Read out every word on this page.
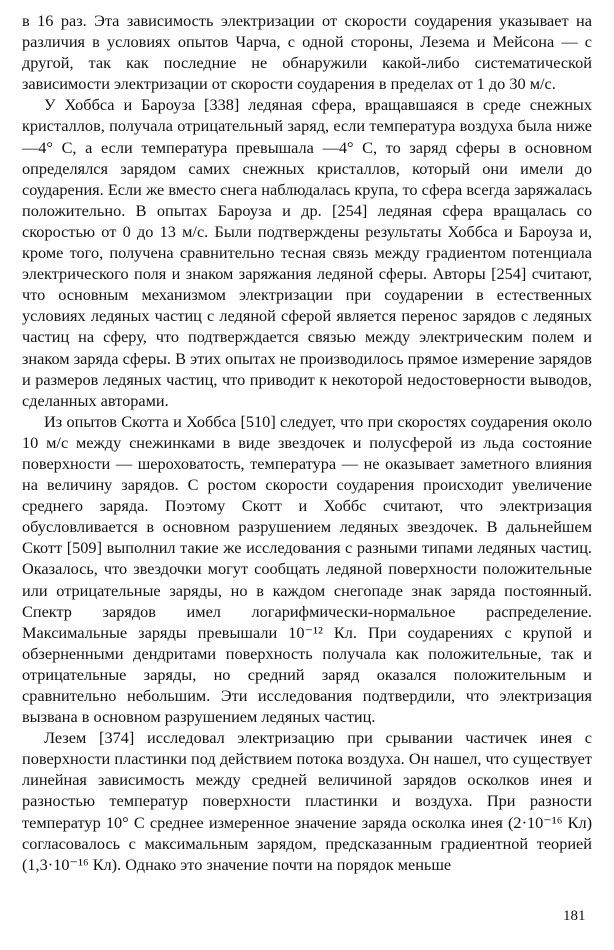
в 16 раз. Эта зависимость электризации от скорости соударения указывает на различия в условиях опытов Чарча, с одной стороны, Лезема и Мейсона — с другой, так как последние не обнаружили какой-либо систематической зависимости электризации от скорости соударения в пределах от 1 до 30 м/с.

У Хоббса и Бароуза [338] ледяная сфера, вращавшаяся в среде снежных кристаллов, получала отрицательный заряд, если температура воздуха была ниже —4° С, а если температура превышала —4° С, то заряд сферы в основном определялся зарядом самих снежных кристаллов, который они имели до соударения. Если же вместо снега наблюдалась крупа, то сфера всегда заряжалась положительно. В опытах Бароуза и др. [254] ледяная сфера вращалась со скоростью от 0 до 13 м/с. Были подтверждены результаты Хоббса и Бароуза и, кроме того, получена сравнительно тесная связь между градиентом потенциала электрического поля и знаком заряжания ледяной сферы. Авторы [254] считают, что основным механизмом электризации при соударении в естественных условиях ледяных частиц с ледяной сферой является перенос зарядов с ледяных частиц на сферу, что подтверждается связью между электрическим полем и знаком заряда сферы. В этих опытах не производилось прямое измерение зарядов и размеров ледяных частиц, что приводит к некоторой недостоверности выводов, сделанных авторами.

Из опытов Скотта и Хоббса [510] следует, что при скоростях соударения около 10 м/с между снежинками в виде звездочек и полусферой из льда состояние поверхности — шероховатость, температура — не оказывает заметного влияния на величину зарядов. С ростом скорости соударения происходит увеличение среднего заряда. Поэтому Скотт и Хоббс считают, что электризация обусловливается в основном разрушением ледяных звездочек. В дальнейшем Скотт [509] выполнил такие же исследования с разными типами ледяных частиц. Оказалось, что звездочки могут сообщать ледяной поверхности положительные или отрицательные заряды, но в каждом снегопаде знак заряда постоянный. Спектр зарядов имел логарифмически-нормальное распределение. Максимальные заряды превышали 10⁻¹² Кл. При соударениях с крупой и обзерненными дендритами поверхность получала как положительные, так и отрицательные заряды, но средний заряд оказался положительным и сравнительно небольшим. Эти исследования подтвердили, что электризация вызвана в основном разрушением ледяных частиц.

Лезем [374] исследовал электризацию при срывании частичек инея с поверхности пластинки под действием потока воздуха. Он нашел, что существует линейная зависимость между средней величиной зарядов осколков инея и разностью температур поверхности пластинки и воздуха. При разности температур 10° С среднее измеренное значение заряда осколка инея (2·10⁻¹⁶ Кл) согласовалось с максимальным зарядом, предсказанным градиентной теорией (1,3·10⁻¹⁶ Кл). Однако это значение почти на порядок меньше

181
